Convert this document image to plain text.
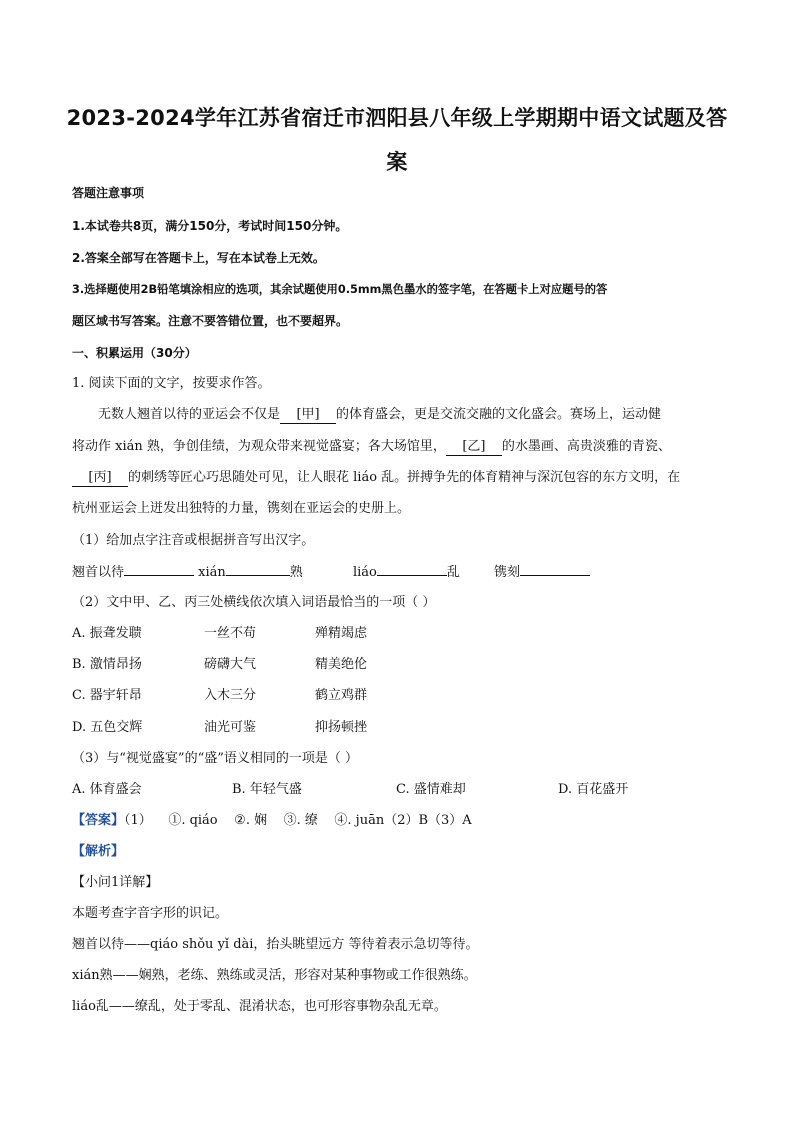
2023-2024学年江苏省宿迁市泗阳县八年级上学期期中语文试题及答
案
答题注意事项
1.本试卷共8页，满分150分，考试时间150分钟。
2.答案全部写在答题卡上，写在本试卷上无效。
3.选择题使用2B铅笔填涂相应的选项，其余试题使用0.5mm黑色墨水的签字笔，在答题卡上对应题号的答
题区域书写答案。注意不要答错位置，也不要超界。
一、积累运用（30分）
1. 阅读下面的文字，按要求作答。
无数人翘首以待的亚运会不仅是 [甲] 的体育盛会，更是交流交融的文化盛会。赛场上，运动健
将动作 xián 熟，争创佳绩，为观众带来视觉盛宴；各大场馆里， [乙] 的水墨画、高贵淡雅的青瓷、
[丙] 的刺绣等匠心巧思随处可见，让人眼花 liáo 乱。拼搏争先的体育精神与深沉包容的东方文明，在
杭州亚运会上迸发出独特的力量，镌刻在亚运会的史册上。
（1）给加点字注音或根据拼音写出汉字。
翘首以待	xián	熟	liáo	乱	镌刻
（2）文中甲、乙、丙三处横线依次填入词语最恰当的一项（ ）
A. 振聋发聩	一丝不苟	殚精竭虑
B. 激情昂扬	磅礴大气	精美绝伦
C. 器宇轩昂	入木三分	鹤立鸡群
D. 五色交辉	油光可鉴	抑扬顿挫
（3）与“视觉盛宴”的“盛”语义相同的一项是（ ）
A. 体育盛会	B. 年轻气盛	C. 盛情难却	D. 百花盛开
【答案】（1）    ①. qiáo    ②. 娴    ③. 缭    ④. juān（2）B（3）A
【解析】
【小问1详解】
本题考查字音字形的识记。
翘首以待——qiáo shǒu yǐ dài，抬头眺望远方 等待着表示急切等待。
xián熟——娴熟，老练、熟练或灵活，形容对某种事物或工作很熟练。
liáo乱——缭乱，处于零乱、混淆状态，也可形容事物杂乱无章。
